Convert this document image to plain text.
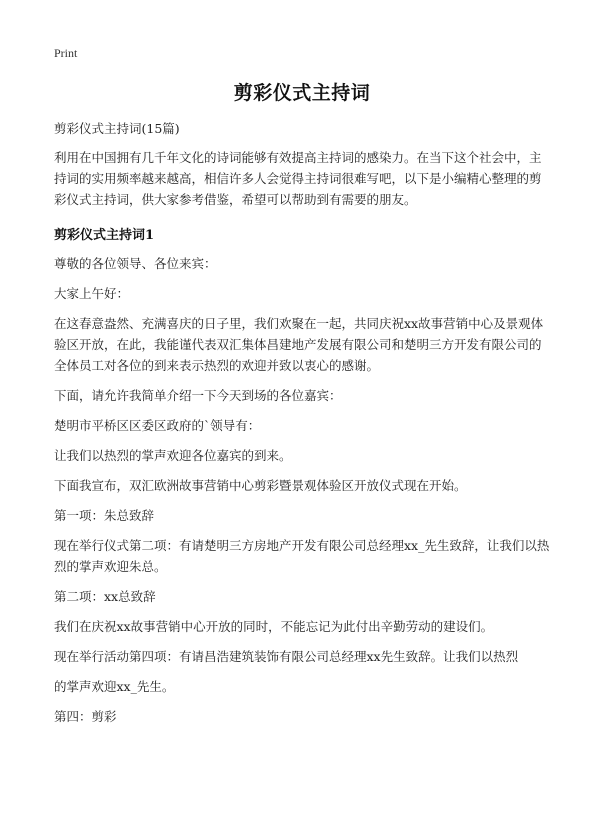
Print
剪彩仪式主持词
剪彩仪式主持词(15篇)
利用在中国拥有几千年文化的诗词能够有效提高主持词的感染力。在当下这个社会中，主持词的实用频率越来越高，相信许多人会觉得主持词很难写吧，以下是小编精心整理的剪彩仪式主持词，供大家参考借鉴，希望可以帮助到有需要的朋友。
剪彩仪式主持词1
尊敬的各位领导、各位来宾：
大家上午好：
在这春意盎然、充满喜庆的日子里，我们欢聚在一起，共同庆祝xx故事营销中心及景观体验区开放，在此，我能谨代表双汇集体昌建地产发展有限公司和楚明三方开发有限公司的全体员工对各位的到来表示热烈的欢迎并致以衷心的感谢。
下面，请允许我简单介绍一下今天到场的各位嘉宾：
楚明市平桥区区委区政府的`领导有：
让我们以热烈的掌声欢迎各位嘉宾的到来。
下面我宣布，双汇欧洲故事营销中心剪彩暨景观体验区开放仪式现在开始。
第一项：朱总致辞
现在举行仪式第二项：有请楚明三方房地产开发有限公司总经理xx_先生致辞，让我们以热烈的掌声欢迎朱总。
第二项：xx总致辞
我们在庆祝xx故事营销中心开放的同时，不能忘记为此付出辛勤劳动的建设们。
现在举行活动第四项：有请昌浩建筑装饰有限公司总经理xx先生致辞。让我们以热烈
的掌声欢迎xx_先生。
第四：剪彩
